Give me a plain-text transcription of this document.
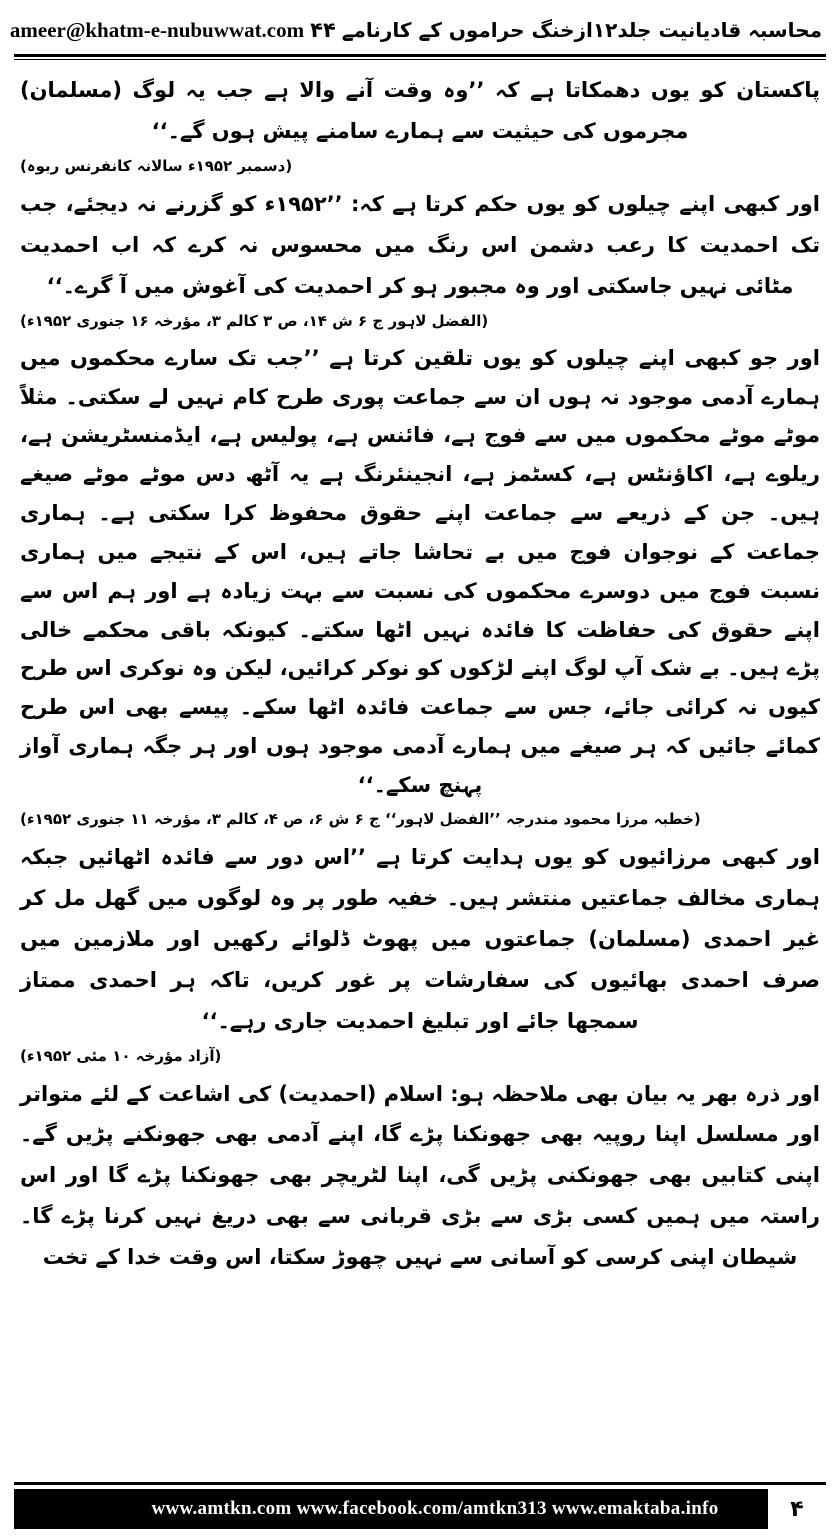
محاسبہ قادیانیت جلد۱۲ازخنگ حراموں کے کارنامے
۴۴
ameer@khatm-e-nubuwwat.com

پاکستان کو یوں دھمکاتا ہے کہ ’’وہ وقت آنے والا ہے جب یہ لوگ (مسلمان) مجرموں کی حیثیت سے ہمارے سامنے پیش ہوں گے۔‘‘

(دسمبر ۱۹۵۲ء سالانہ کانفرنس ربوہ)

اور کبھی اپنے چیلوں کو یوں حکم کرتا ہے کہ: ’’۱۹۵۲ء کو گزرنے نہ دیجئے، جب تک احمدیت کا رعب دشمن اس رنگ میں محسوس نہ کرے کہ اب احمدیت مٹائی نہیں جاسکتی اور وہ مجبور ہو کر احمدیت کی آغوش میں آ گرے۔‘‘

(الفضل لاہور ج ۶ ش ۱۴، ص ۳ کالم ۳، مؤرخہ ۱۶ جنوری ۱۹۵۲ء)

اور جو کبھی اپنے چیلوں کو یوں تلقین کرتا ہے ’’جب تک سارے محکموں میں ہمارے آدمی موجود نہ ہوں ان سے جماعت پوری طرح کام نہیں لے سکتی۔ مثلاً موٹے موٹے محکموں میں سے فوج ہے، فائنس ہے، پولیس ہے، ایڈمنسٹریشن ہے، ریلوے ہے، اکاؤنٹس ہے، کسٹمز ہے، انجینئرنگ ہے یہ آٹھ دس موٹے موٹے صیغے ہیں۔ جن کے ذریعے سے جماعت اپنے حقوق محفوظ کرا سکتی ہے۔ ہماری جماعت کے نوجوان فوج میں بے تحاشا جاتے ہیں، اس کے نتیجے میں ہماری نسبت فوج میں دوسرے محکموں کی نسبت سے بہت زیادہ ہے اور ہم اس سے اپنے حقوق کی حفاظت کا فائدہ نہیں اٹھا سکتے۔ کیونکہ باقی محکمے خالی پڑے ہیں۔ بے شک آپ لوگ اپنے لڑکوں کو نوکر کرائیں، لیکن وہ نوکری اس طرح کیوں نہ کرائی جائے، جس سے جماعت فائدہ اٹھا سکے۔ پیسے بھی اس طرح کمائے جائیں کہ ہر صیغے میں ہمارے آدمی موجود ہوں اور ہر جگہ ہماری آواز پہنچ سکے۔‘‘

(خطبہ مرزا محمود مندرجہ ’’الفضل لاہور‘‘ ج ۶ ش ۶، ص ۴، کالم ۳، مؤرخہ ۱۱ جنوری ۱۹۵۲ء)

اور کبھی مرزائیوں کو یوں ہدایت کرتا ہے ’’اس دور سے فائدہ اٹھائیں جبکہ ہماری مخالف جماعتیں منتشر ہیں۔ خفیہ طور پر وہ لوگوں میں گھل مل کر غیر احمدی (مسلمان) جماعتوں میں پھوٹ ڈلوائے رکھیں اور ملازمین میں صرف احمدی بھائیوں کی سفارشات پر غور کریں، تاکہ ہر احمدی ممتاز سمجھا جائے اور تبلیغ احمدیت جاری رہے۔‘‘

(آزاد مؤرخہ ۱۰ مئی ۱۹۵۲ء)

اور ذرہ بھر یہ بیان بھی ملاحظہ ہو: اسلام (احمدیت) کی اشاعت کے لئے متواتر اور مسلسل اپنا روپیہ بھی جھونکنا پڑے گا، اپنے آدمی بھی جھونکنے پڑیں گے۔ اپنی کتابیں بھی جھونکنی پڑیں گی، اپنا لٹریچر بھی جھونکنا پڑے گا اور اس راستہ میں ہمیں کسی بڑی سے بڑی قربانی سے بھی دریغ نہیں کرنا پڑے گا۔ شیطان اپنی کرسی کو آسانی سے نہیں چھوڑ سکتا، اس وقت خدا کے تخت

www.amtkn.com www.facebook.com/amtkn313 www.emaktaba.info	۴
